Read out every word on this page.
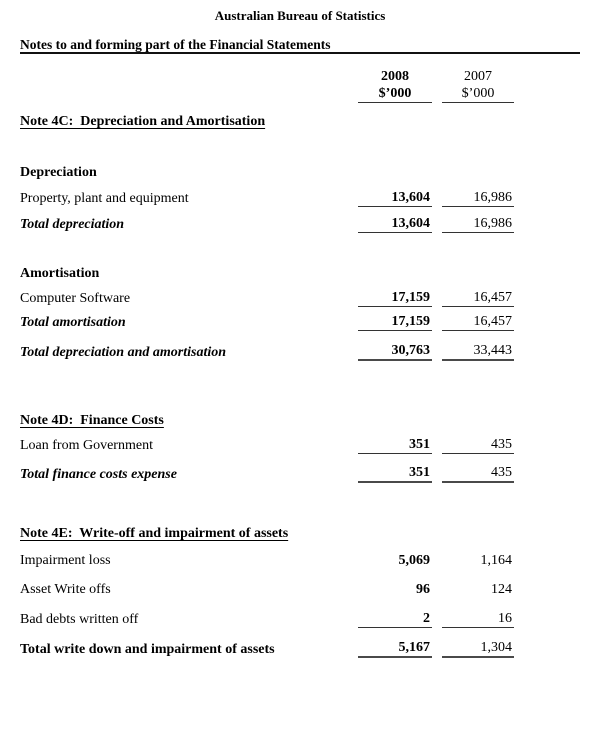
Australian Bureau of Statistics
Notes to and forming part of the Financial Statements
2008
$’000
2007
$’000
Note 4C:  Depreciation and Amortisation
Depreciation
Property, plant and equipment	13,604	16,986
Total depreciation	13,604	16,986
Amortisation
Computer Software	17,159	16,457
Total amortisation	17,159	16,457
Total depreciation and amortisation	30,763	33,443
Note 4D:  Finance Costs
Loan from Government	351	435
Total finance costs expense	351	435
Note 4E:  Write-off and impairment of assets
Impairment loss	5,069	1,164
Asset Write offs	96	124
Bad debts written off	2	16
Total write down and impairment of assets	5,167	1,304
